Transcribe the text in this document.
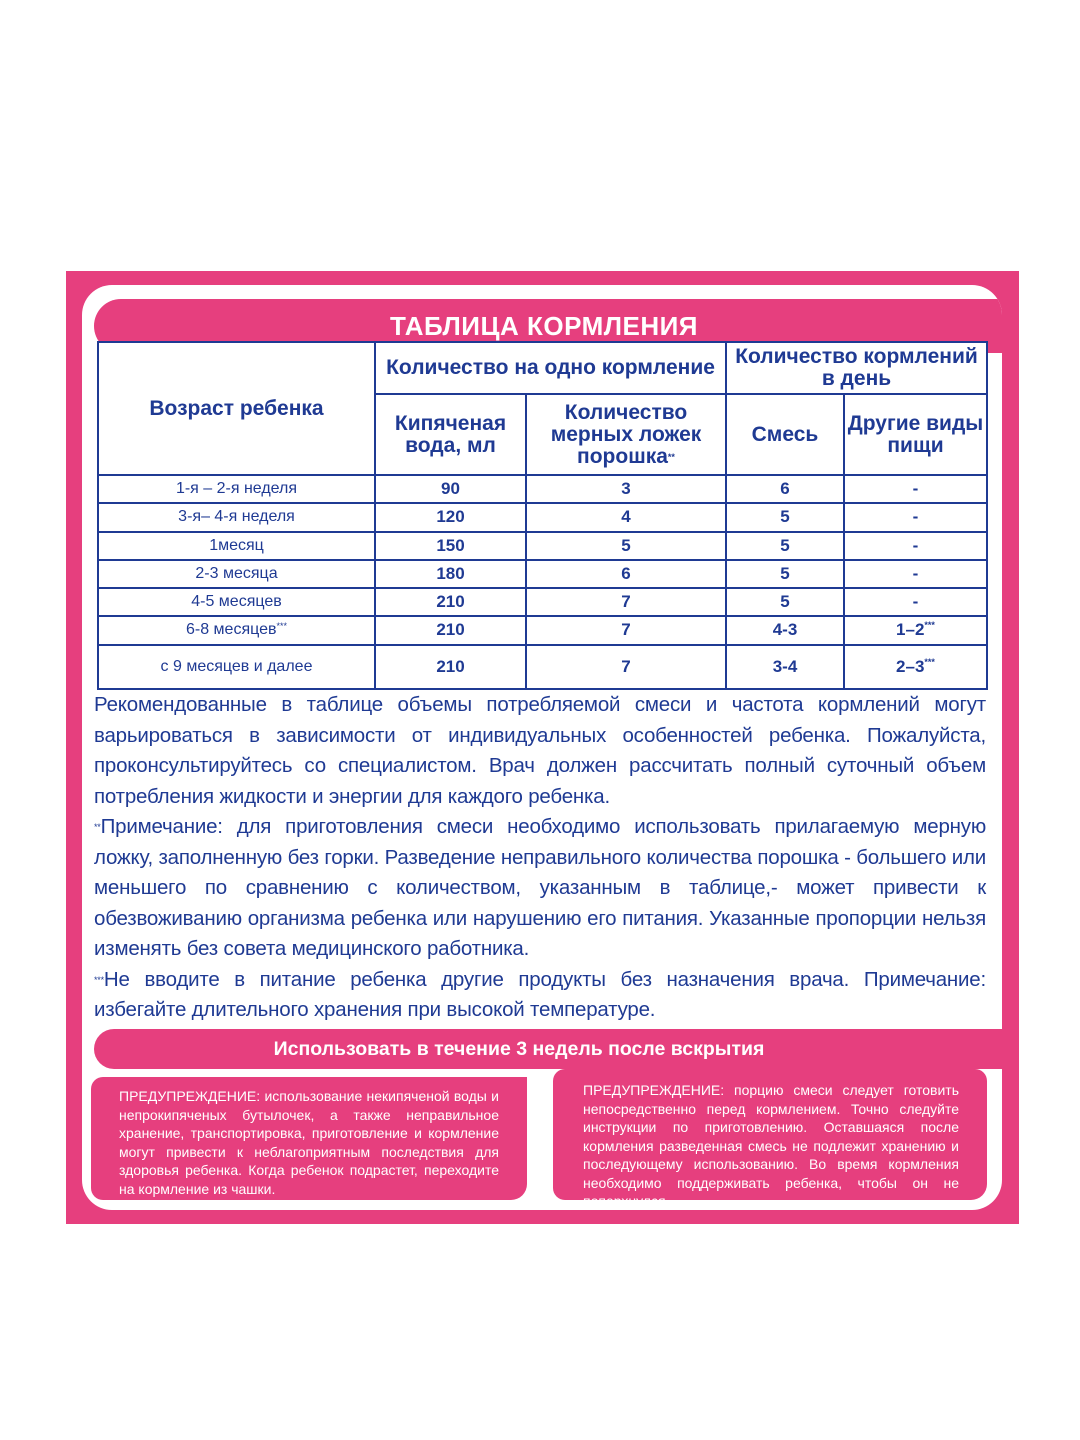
ТАБЛИЦА КОРМЛЕНИЯ
Возраст ребенка	Количество на одно кормление		Количество кормлений в день	
	Кипяченая вода, мл	Количество мерных ложек порошка**	Смесь	Другие виды пищи
1-я – 2-я неделя	90	3	6	-
3-я– 4-я неделя	120	4	5	-
1месяц	150	5	5	-
2-3 месяца	180	6	5	-
4-5 месяцев	210	7	5	-
6-8 месяцев***	210	7	4-3	1–2***
с 9 месяцев и далее	210	7	3-4	2–3***

Рекомендованные в таблице объемы потребляемой смеси и частота кормлений могут варьироваться в зависимости от индивидуальных особенностей ребенка. Пожалуйста, проконсультируйтесь со специалистом. Врач должен рассчитать полный суточный объем потребления жидкости и энергии для каждого ребенка.

**Примечание: для приготовления смеси необходимо использовать прилагаемую мерную ложку, заполненную без горки. Разведение неправильного количества порошка - большего или меньшего по сравнению с количеством, указанным в таблице,- может привести к обезвоживанию организма ребенка или нарушению его питания. Указанные пропорции нельзя изменять без совета медицинского работника.

***Не вводите в питание ребенка другие продукты без назначения врача. Примечание: избегайте длительного хранения при высокой температуре.

Использовать в течение 3 недель после вскрытия
ПРЕДУПРЕЖДЕНИЕ: использование некипяченой воды и непрокипяченых бутылочек, а также неправильное хранение, транспортировка, приготовление и кормление могут привести к неблагоприятным последствия для здоровья ребенка. Когда ребенок подрастет, переходите на кормление из чашки.
ПРЕДУПРЕЖДЕНИЕ: порцию смеси следует готовить непосредственно перед кормлением. Точно следуйте инструкции по приготовлению. Оставшаяся после кормления разведенная смесь не подлежит хранению и последующему использованию. Во время кормления необходимо поддерживать ребенка, чтобы он не поперхнулся.
